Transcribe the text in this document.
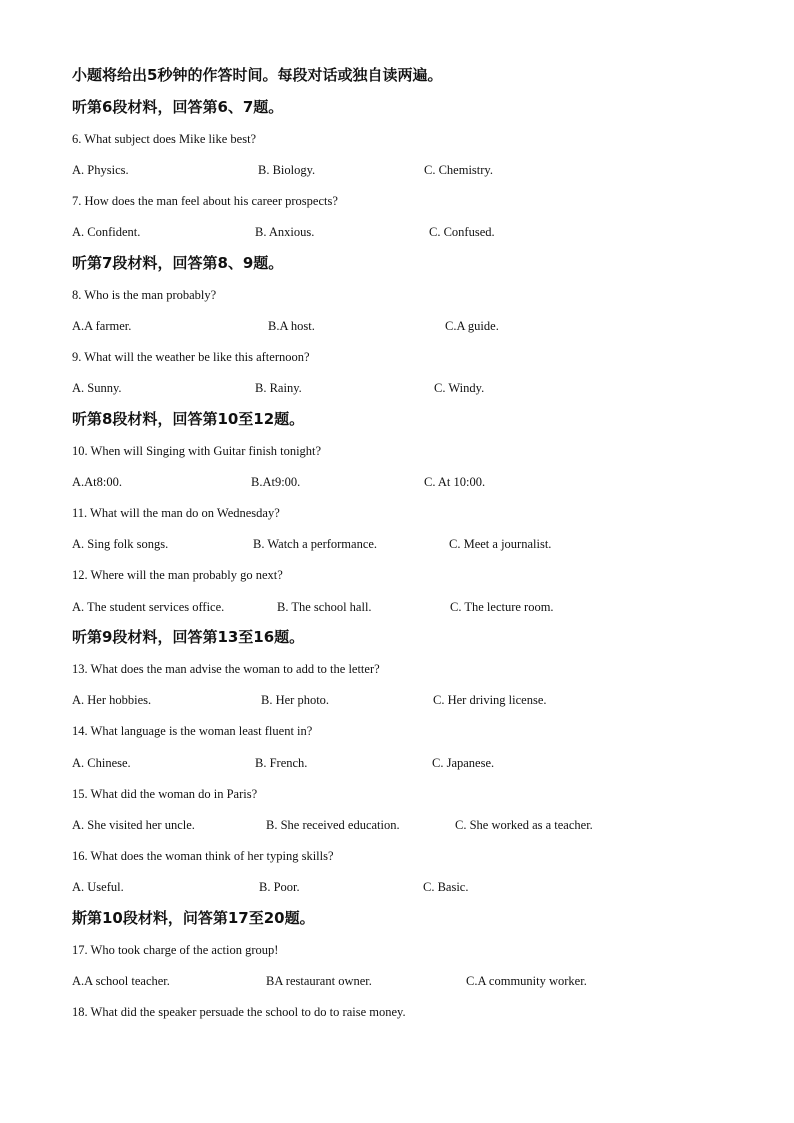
小题将给出5秒钟的作答时间。每段对话或独自读两遍。
听第6段材料，回答第6、7题。
6. What subject does Mike like best?
A. Physics.	B. Biology.	C. Chemistry.
7. How does the man feel about his career prospects?
A. Confident.	B. Anxious.	C. Confused.
听第7段材料，回答第8、9题。
8. Who is the man probably?
A.A farmer.	B.A host.	C.A guide.
9. What will the weather be like this afternoon?
A. Sunny.	B. Rainy.	C. Windy.
听第8段材料，回答第10至12题。
10. When will Singing with Guitar finish tonight?
A.At8:00.	B.At9:00.	C. At 10:00.
11. What will the man do on Wednesday?
A. Sing folk songs.	B. Watch a performance.	C. Meet a journalist.
12. Where will the man probably go next?
A. The student services office.	B. The school hall.	C. The lecture room.
听第9段材料，回答第13至16题。
13. What does the man advise the woman to add to the letter?
A. Her hobbies.	B. Her photo.	C. Her driving license.
14. What language is the woman least fluent in?
A. Chinese.	B. French.	C. Japanese.
15. What did the woman do in Paris?
A. She visited her uncle.	B. She received education.	C. She worked as a teacher.
16. What does the woman think of her typing skills?
A. Useful.	B. Poor.	C. Basic.
斯第10段材料，问答第17至20题。
17. Who took charge of the action group!
A.A school teacher.	BA restaurant owner.	C.A community worker.
18. What did the speaker persuade the school to do to raise money.
